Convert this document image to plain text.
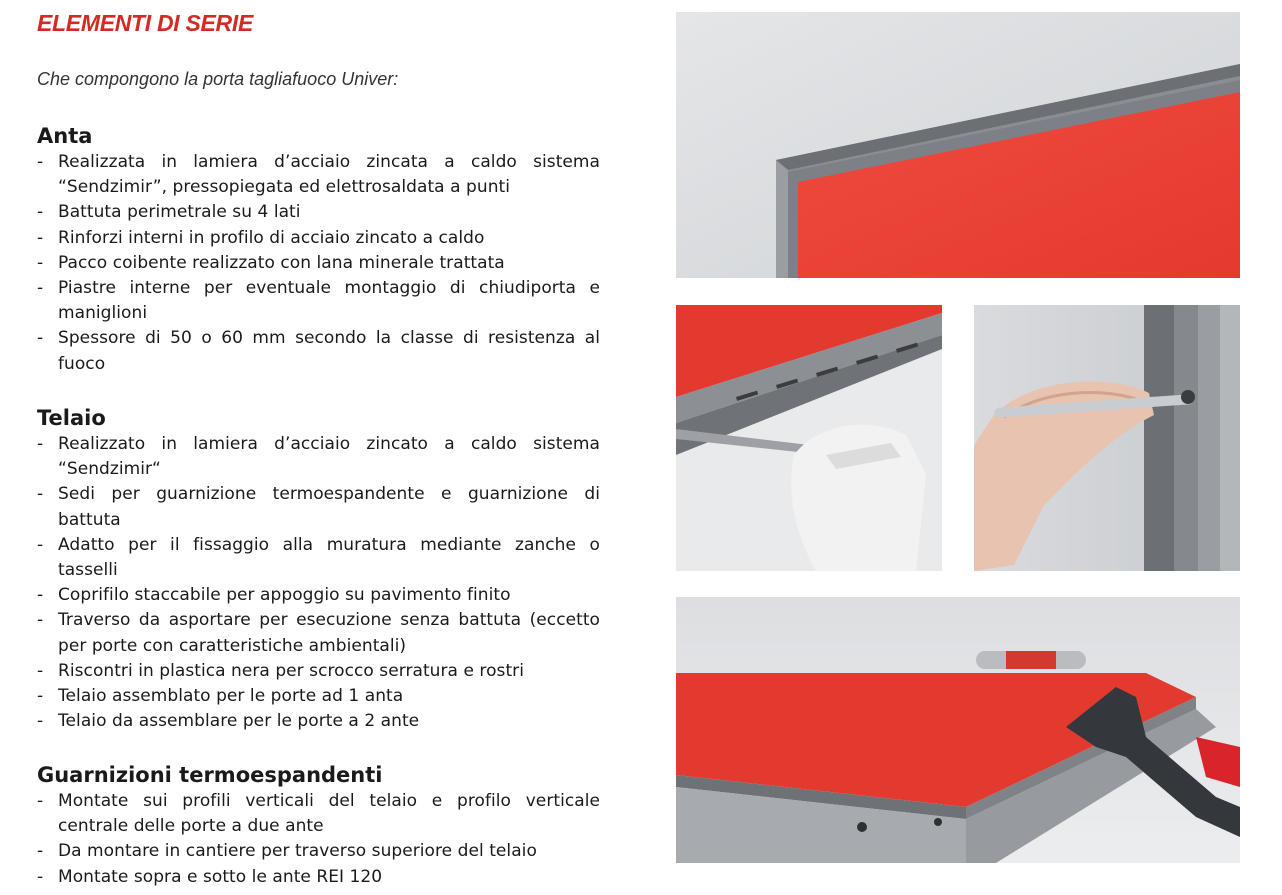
ELEMENTI DI SERIE

Che compongono la porta tagliafuoco Univer:

Anta
- Realizzata in lamiera d’acciaio zincata a caldo sistema “Sendzimir”, pressopiegata ed elettrosaldata a punti
- Battuta perimetrale su 4 lati
- Rinforzi interni in profilo di acciaio zincato a caldo
- Pacco coibente realizzato con lana minerale trattata
- Piastre interne per eventuale montaggio di chiudiporta e maniglioni
- Spessore di 50 o 60 mm secondo la classe di resistenza al fuoco
Telaio
- Realizzato in lamiera d’acciaio zincato a caldo sistema “Sendzimir“
- Sedi per guarnizione termoespandente e guarnizione di battuta
- Adatto per il fissaggio alla muratura mediante zanche o tasselli
- Coprifilo staccabile per appoggio su pavimento finito
- Traverso da asportare per esecuzione senza battuta (eccetto per porte con caratteristiche ambientali)
- Riscontri in plastica nera per scrocco serratura e rostri
- Telaio assemblato per le porte ad 1 anta
- Telaio da assemblare per le porte a 2 ante
Guarnizioni termoespandenti
- Montate sui profili verticali del telaio e profilo verticale centrale delle porte a due ante
- Da montare in cantiere per traverso superiore del telaio
- Montate sopra e sotto le ante REI 120
